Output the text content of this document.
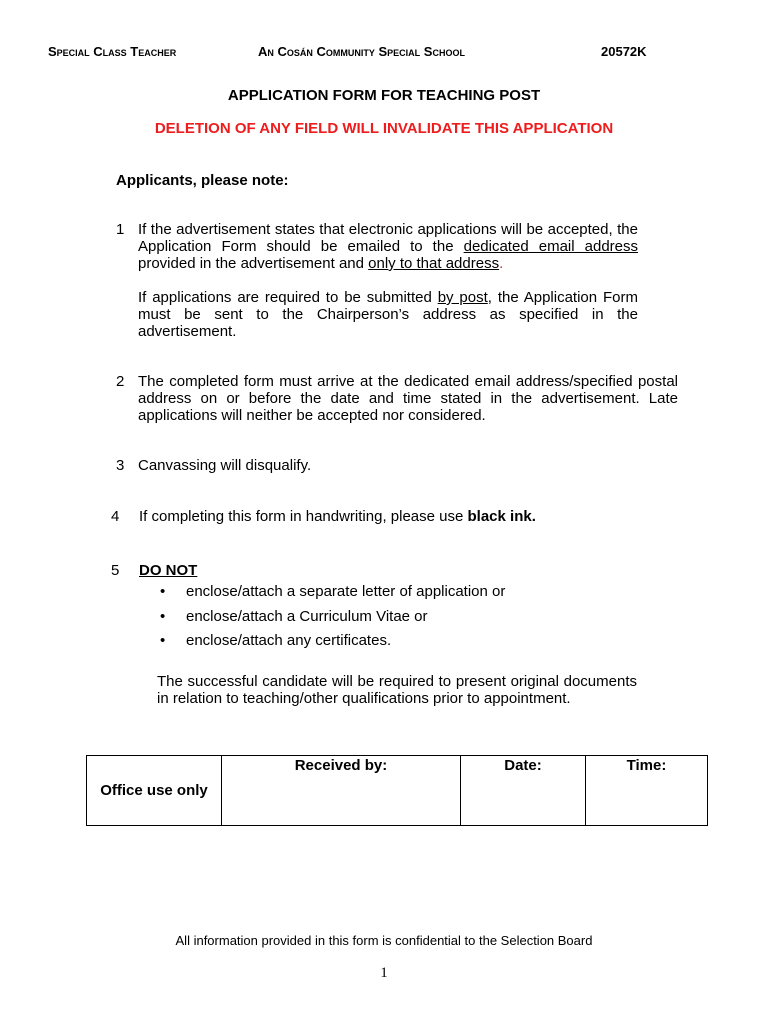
Special Class Teacher	An Cosán Community Special School	20572K
APPLICATION FORM FOR TEACHING POST
DELETION OF ANY FIELD WILL INVALIDATE THIS APPLICATION
Applicants, please note:
1 If the advertisement states that electronic applications will be accepted, the Application Form should be emailed to the dedicated email address provided in the advertisement and only to that address.
If applications are required to be submitted by post, the Application Form must be sent to the Chairperson’s address as specified in the advertisement.
2 The completed form must arrive at the dedicated email address/specified postal address on or before the date and time stated in the advertisement. Late applications will neither be accepted nor considered.
3 Canvassing will disqualify.
4 If completing this form in handwriting, please use black ink.
5 DO NOT
• enclose/attach a separate letter of application or
• enclose/attach a Curriculum Vitae or
• enclose/attach any certificates.
The successful candidate will be required to present original documents in relation to teaching/other qualifications prior to appointment.
Office use only	Received by:	Date:	Time:
All information provided in this form is confidential to the Selection Board
1
